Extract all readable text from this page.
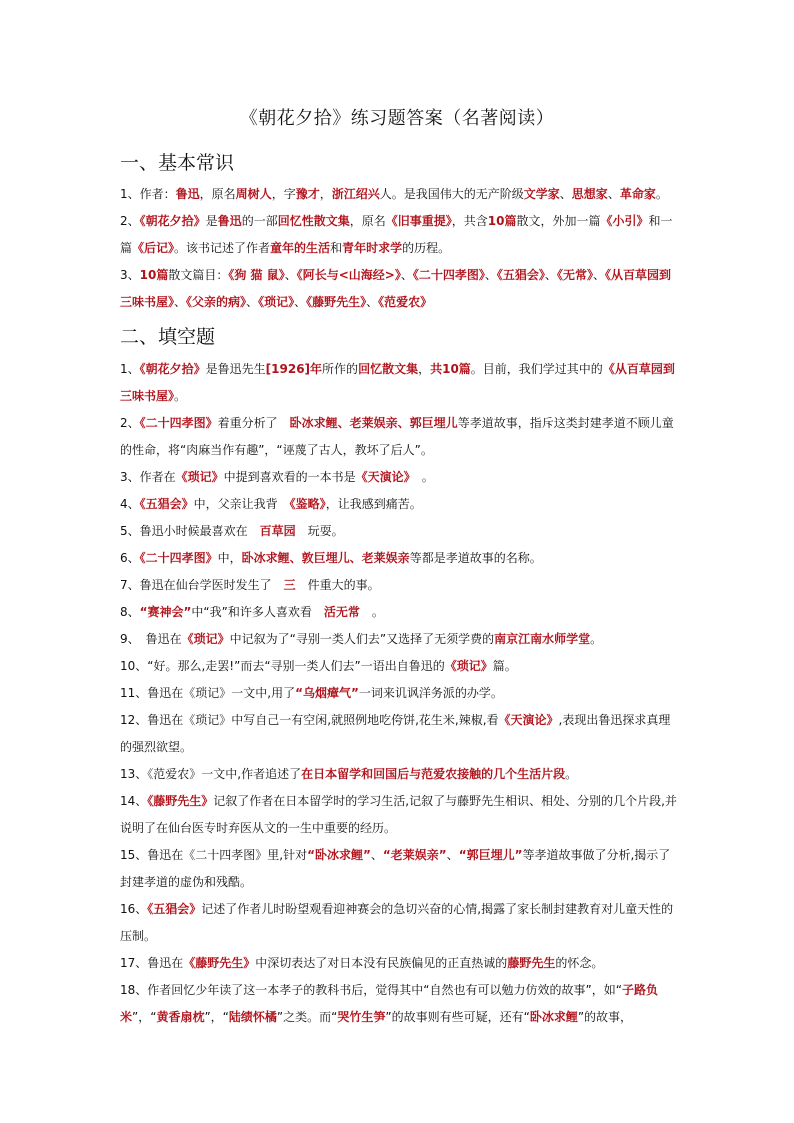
《朝花夕拾》练习题答案（名著阅读）
一、基本常识
二、填空题
1、作者：鲁迅，原名周树人，字豫才，浙江绍兴人。是我国伟大的无产阶级文学家、思想家、革命家。
2、《朝花夕拾》是鲁迅的一部回忆性散文集，原名《旧事重提》，共含10篇散文，外加一篇《小引》和一篇《后记》。该书记述了作者童年的生活和青年时求学的历程。
3、10篇散文篇目：《狗 猫 鼠》、《阿长与<山海经>》、《二十四孝图》、《五猖会》、《无常》、《从百草园到三味书屋》、《父亲的病》、《琐记》、《藤野先生》、《范爱农》
1、《朝花夕拾》是鲁迅先生[1926]年所作的回忆散文集，共10篇。目前，我们学过其中的《从百草园到三味书屋》。
2、《二十四孝图》着重分析了　卧冰求鲤、老莱娱亲、郭巨埋儿等孝道故事，指斥这类封建孝道不顾儿童的性命，将“肉麻当作有趣”，“诬蔑了古人，教坏了后人”。
3、作者在《琐记》中提到喜欢看的一本书是《天演论》　。
4、《五猖会》中，父亲让我背　《鉴略》，让我感到痛苦。
5、鲁迅小时候最喜欢在　百草园　玩耍。
6、《二十四孝图》中，卧冰求鲤、敦巨埋儿、老莱娱亲等都是孝道故事的名称。
7、鲁迅在仙台学医时发生了　三　件重大的事。
8、“赛神会”中“我”和许多人喜欢看　活无常　。
9、　鲁迅在《琐记》中记叙为了“寻别一类人们去”又选择了无须学费的南京江南水师学堂。
10、“好。那么,走罢!”而去“寻别一类人们去”一语出自鲁迅的《琐记》篇。
11、鲁迅在《琐记》一文中,用了“乌烟瘴气”一词来讥讽洋务派的办学。
12、鲁迅在《琐记》中写自己一有空闲,就照例地吃侉饼,花生米,辣椒,看《天演论》,表现出鲁迅探求真理的强烈欲望。
13、《范爱农》一文中,作者追述了在日本留学和回国后与范爱农接触的几个生活片段。
14、《藤野先生》记叙了作者在日本留学时的学习生活,记叙了与藤野先生相识、相处、分别的几个片段,并说明了在仙台医专时弃医从文的一生中重要的经历。
15、鲁迅在《二十四孝图》里,针对“卧冰求鲤”、“老莱娱亲”、“郭巨埋儿”等孝道故事做了分析,揭示了封建孝道的虚伪和残酷。
16、《五猖会》记述了作者儿时盼望观看迎神赛会的急切兴奋的心情,揭露了家长制封建教育对儿童天性的压制。
17、鲁迅在《藤野先生》中深切表达了对日本没有民族偏见的正直热诚的藤野先生的怀念。
18、作者回忆少年读了这一本孝子的教科书后，觉得其中“自然也有可以勉力仿效的故事”，如“子路负米”，“黄香扇枕”，“陆绩怀橘”之类。而“哭竹生笋”的故事则有些可疑，还有“卧冰求鲤”的故事，
